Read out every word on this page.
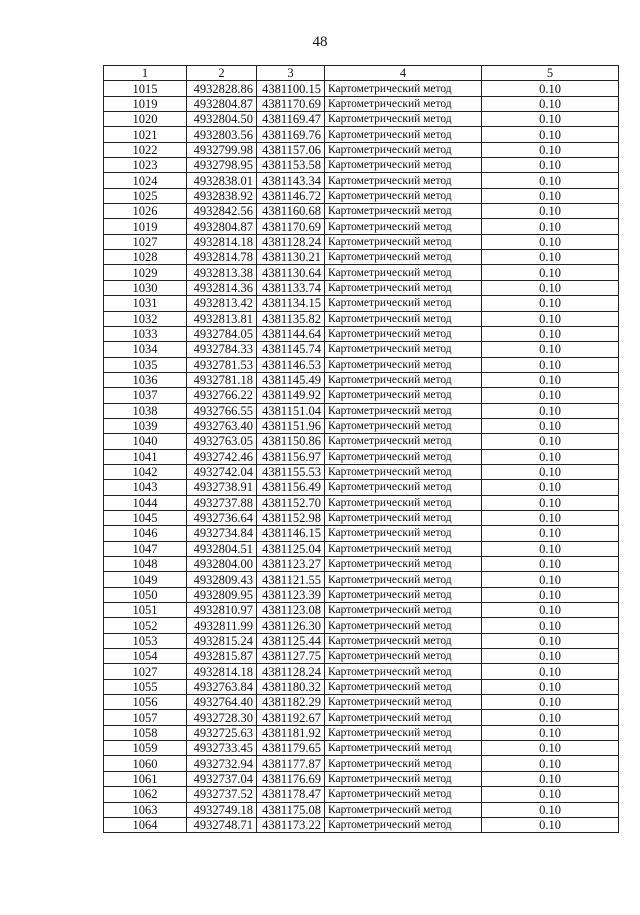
48
1	2	3	4	5
1015	4932828.86	4381100.15	Картометрический метод	0.10
1019	4932804.87	4381170.69	Картометрический метод	0.10
1020	4932804.50	4381169.47	Картометрический метод	0.10
1021	4932803.56	4381169.76	Картометрический метод	0.10
1022	4932799.98	4381157.06	Картометрический метод	0.10
1023	4932798.95	4381153.58	Картометрический метод	0.10
1024	4932838.01	4381143.34	Картометрический метод	0.10
1025	4932838.92	4381146.72	Картометрический метод	0.10
1026	4932842.56	4381160.68	Картометрический метод	0.10
1019	4932804.87	4381170.69	Картометрический метод	0.10
1027	4932814.18	4381128.24	Картометрический метод	0.10
1028	4932814.78	4381130.21	Картометрический метод	0.10
1029	4932813.38	4381130.64	Картометрический метод	0.10
1030	4932814.36	4381133.74	Картометрический метод	0.10
1031	4932813.42	4381134.15	Картометрический метод	0.10
1032	4932813.81	4381135.82	Картометрический метод	0.10
1033	4932784.05	4381144.64	Картометрический метод	0.10
1034	4932784.33	4381145.74	Картометрический метод	0.10
1035	4932781.53	4381146.53	Картометрический метод	0.10
1036	4932781.18	4381145.49	Картометрический метод	0.10
1037	4932766.22	4381149.92	Картометрический метод	0.10
1038	4932766.55	4381151.04	Картометрический метод	0.10
1039	4932763.40	4381151.96	Картометрический метод	0.10
1040	4932763.05	4381150.86	Картометрический метод	0.10
1041	4932742.46	4381156.97	Картометрический метод	0.10
1042	4932742.04	4381155.53	Картометрический метод	0.10
1043	4932738.91	4381156.49	Картометрический метод	0.10
1044	4932737.88	4381152.70	Картометрический метод	0.10
1045	4932736.64	4381152.98	Картометрический метод	0.10
1046	4932734.84	4381146.15	Картометрический метод	0.10
1047	4932804.51	4381125.04	Картометрический метод	0.10
1048	4932804.00	4381123.27	Картометрический метод	0.10
1049	4932809.43	4381121.55	Картометрический метод	0.10
1050	4932809.95	4381123.39	Картометрический метод	0.10
1051	4932810.97	4381123.08	Картометрический метод	0.10
1052	4932811.99	4381126.30	Картометрический метод	0.10
1053	4932815.24	4381125.44	Картометрический метод	0.10
1054	4932815.87	4381127.75	Картометрический метод	0.10
1027	4932814.18	4381128.24	Картометрический метод	0.10
1055	4932763.84	4381180.32	Картометрический метод	0.10
1056	4932764.40	4381182.29	Картометрический метод	0.10
1057	4932728.30	4381192.67	Картометрический метод	0.10
1058	4932725.63	4381181.92	Картометрический метод	0.10
1059	4932733.45	4381179.65	Картометрический метод	0.10
1060	4932732.94	4381177.87	Картометрический метод	0.10
1061	4932737.04	4381176.69	Картометрический метод	0.10
1062	4932737.52	4381178.47	Картометрический метод	0.10
1063	4932749.18	4381175.08	Картометрический метод	0.10
1064	4932748.71	4381173.22	Картометрический метод	0.10
